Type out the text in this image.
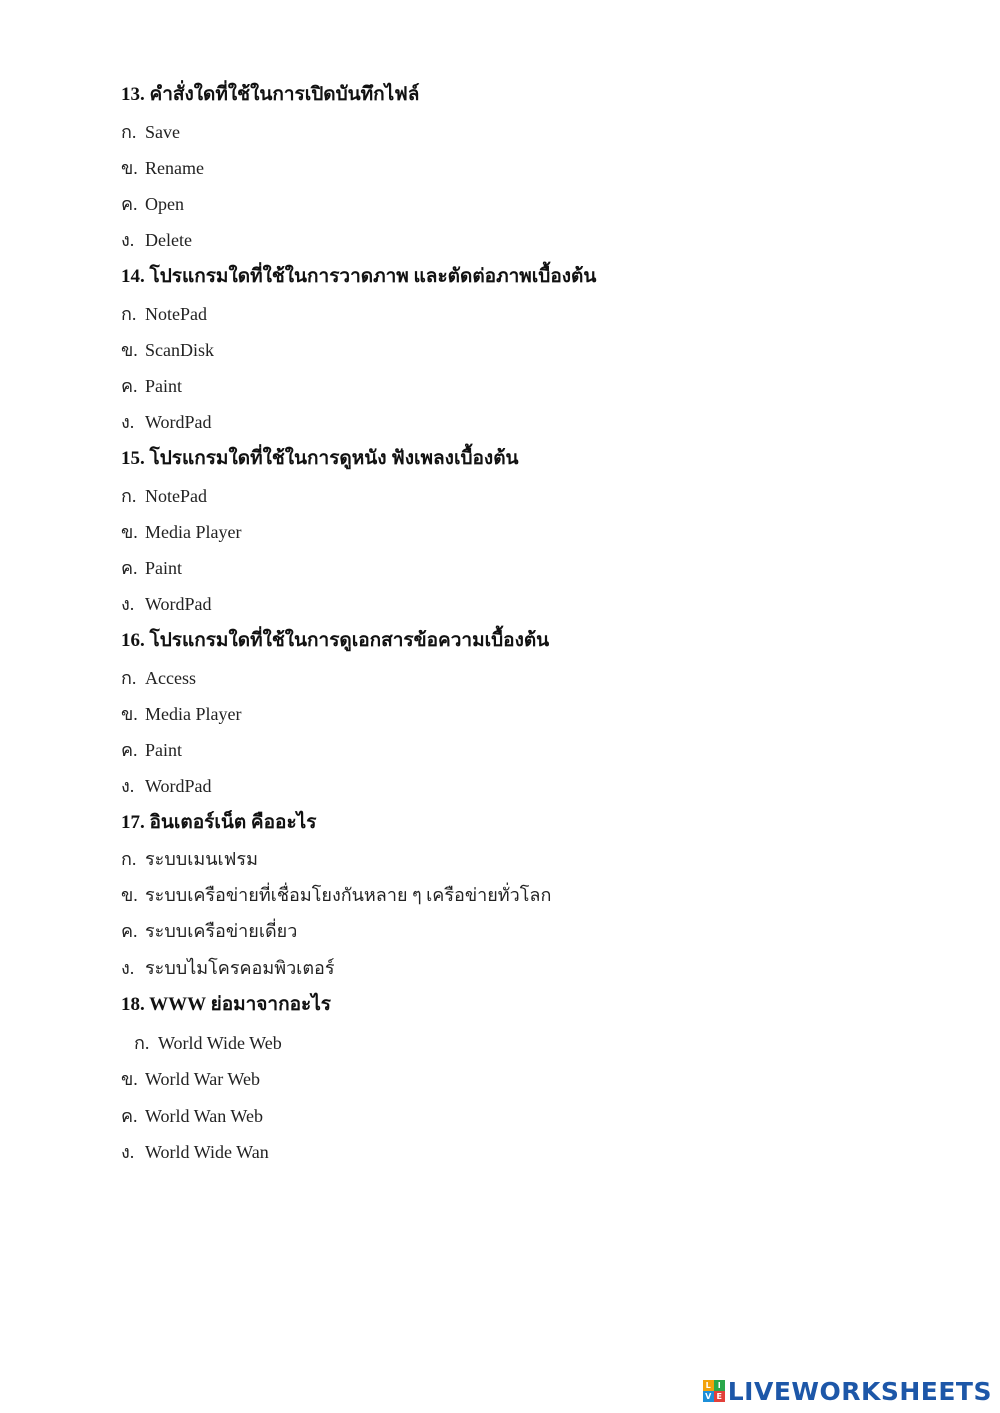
13. คำสั่งใดที่ใช้ในการเปิดบันทึกไฟล์
ก. Save
ข. Rename
ค. Open
ง. Delete
14. โปรแกรมใดที่ใช้ในการวาดภาพ และตัดต่อภาพเบื้องต้น
ก. NotePad
ข. ScanDisk
ค. Paint
ง. WordPad
15. โปรแกรมใดที่ใช้ในการดูหนัง ฟังเพลงเบื้องต้น
ก. NotePad
ข. Media Player
ค. Paint
ง. WordPad
16. โปรแกรมใดที่ใช้ในการดูเอกสารข้อความเบื้องต้น
ก. Access
ข. Media Player
ค. Paint
ง. WordPad
17. อินเตอร์เน็ต คืออะไร
ก. ระบบเมนเฟรม
ข. ระบบเครือข่ายที่เชื่อมโยงกันหลาย ๆ เครือข่ายทั่วโลก
ค. ระบบเครือข่ายเดี่ยว
ง. ระบบไมโครคอมพิวเตอร์
18. WWW ย่อมาจากอะไร
ก. World Wide Web
ข. World War Web
ค. World Wan Web
ง. World Wide Wan
L I
V E LIVEWORKSHEETS
